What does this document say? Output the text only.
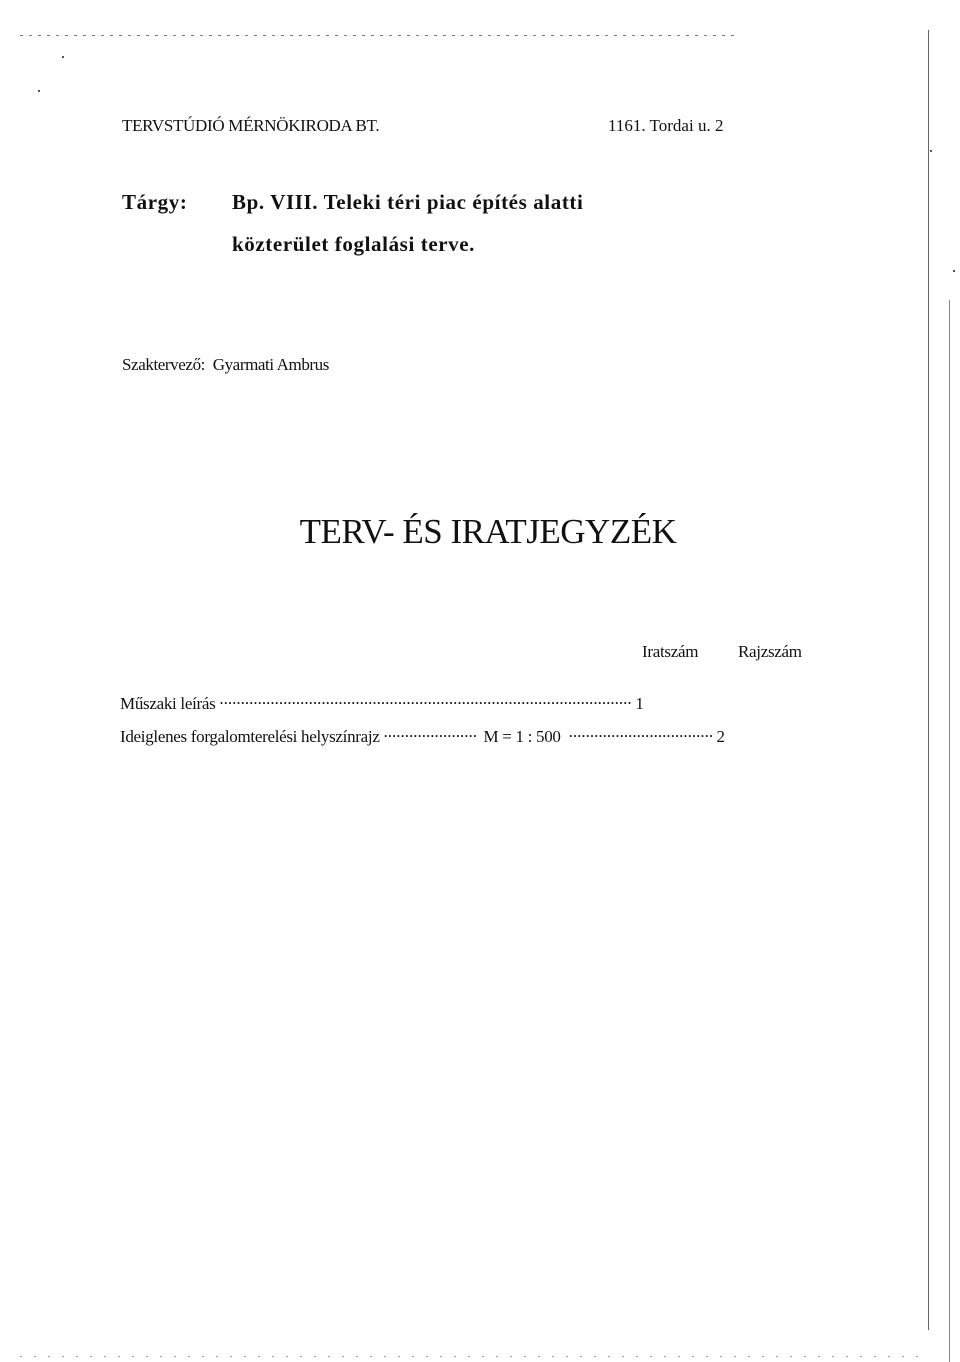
TERVSTÚDIÓ MÉRNÖKIRODA BT.	1161. Tordai u. 2
Tárgy: Bp. VIII. Teleki téri piac építés alatti
közterület foglalási terve.
Szaktervező: Gyarmati Ambrus
TERV- ÉS IRATJEGYZÉK
Iratszám Rajzszám
Műszaki leírás .....	1
Ideiglenes forgalomterelési helyszínrajz .....	M = 1 : 500 .....	2
